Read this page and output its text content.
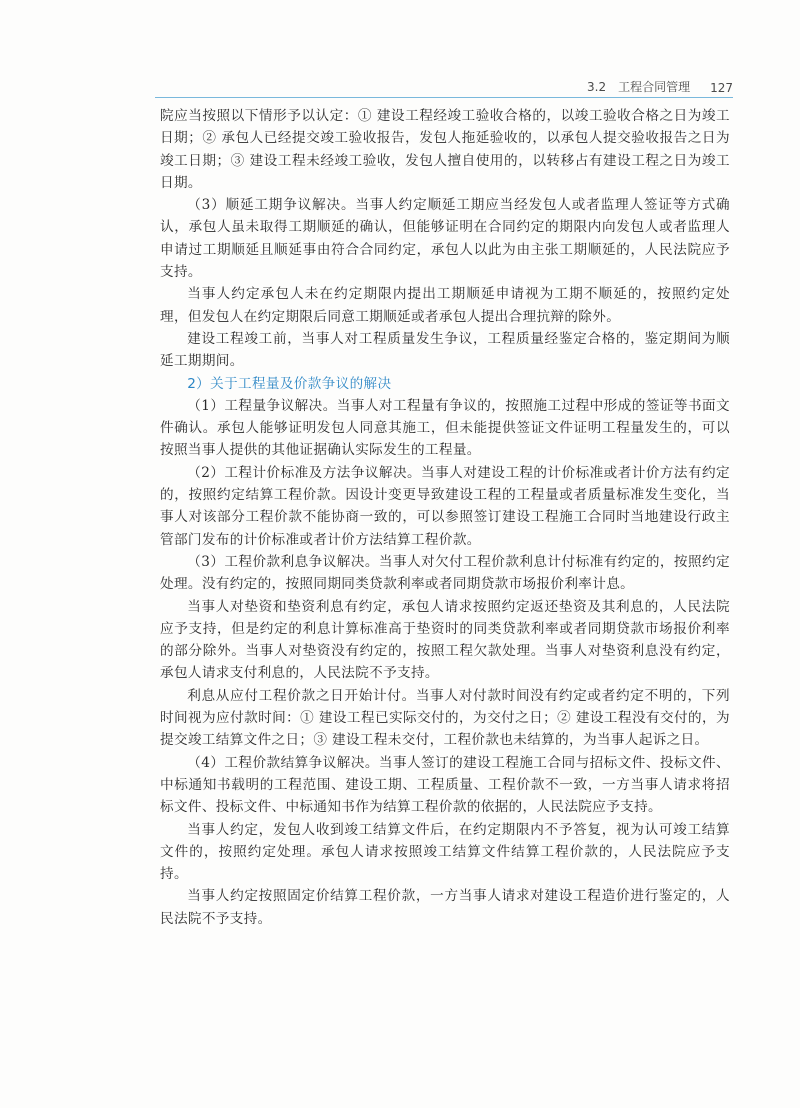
3.2　工程合同管理 127

院应当按照以下情形予以认定：① 建设工程经竣工验收合格的，以竣工验收合格之日为竣工日期；② 承包人已经提交竣工验收报告，发包人拖延验收的，以承包人提交验收报告之日为竣工日期；③ 建设工程未经竣工验收，发包人擅自使用的，以转移占有建设工程之日为竣工日期。

（3）顺延工期争议解决。当事人约定顺延工期应当经发包人或者监理人签证等方式确认，承包人虽未取得工期顺延的确认，但能够证明在合同约定的期限内向发包人或者监理人申请过工期顺延且顺延事由符合合同约定，承包人以此为由主张工期顺延的，人民法院应予支持。

当事人约定承包人未在约定期限内提出工期顺延申请视为工期不顺延的，按照约定处理，但发包人在约定期限后同意工期顺延或者承包人提出合理抗辩的除外。

建设工程竣工前，当事人对工程质量发生争议，工程质量经鉴定合格的，鉴定期间为顺延工期期间。

2）关于工程量及价款争议的解决

（1）工程量争议解决。当事人对工程量有争议的，按照施工过程中形成的签证等书面文件确认。承包人能够证明发包人同意其施工，但未能提供签证文件证明工程量发生的，可以按照当事人提供的其他证据确认实际发生的工程量。

（2）工程计价标准及方法争议解决。当事人对建设工程的计价标准或者计价方法有约定的，按照约定结算工程价款。因设计变更导致建设工程的工程量或者质量标准发生变化，当事人对该部分工程价款不能协商一致的，可以参照签订建设工程施工合同时当地建设行政主管部门发布的计价标准或者计价方法结算工程价款。

（3）工程价款利息争议解决。当事人对欠付工程价款利息计付标准有约定的，按照约定处理。没有约定的，按照同期同类贷款利率或者同期贷款市场报价利率计息。

当事人对垫资和垫资利息有约定，承包人请求按照约定返还垫资及其利息的，人民法院应予支持，但是约定的利息计算标准高于垫资时的同类贷款利率或者同期贷款市场报价利率的部分除外。当事人对垫资没有约定的，按照工程欠款处理。当事人对垫资利息没有约定，承包人请求支付利息的，人民法院不予支持。

利息从应付工程价款之日开始计付。当事人对付款时间没有约定或者约定不明的，下列时间视为应付款时间：① 建设工程已实际交付的，为交付之日；② 建设工程没有交付的，为提交竣工结算文件之日；③ 建设工程未交付，工程价款也未结算的，为当事人起诉之日。

（4）工程价款结算争议解决。当事人签订的建设工程施工合同与招标文件、投标文件、中标通知书载明的工程范围、建设工期、工程质量、工程价款不一致，一方当事人请求将招标文件、投标文件、中标通知书作为结算工程价款的依据的，人民法院应予支持。

当事人约定，发包人收到竣工结算文件后，在约定期限内不予答复，视为认可竣工结算文件的，按照约定处理。承包人请求按照竣工结算文件结算工程价款的，人民法院应予支持。

当事人约定按照固定价结算工程价款，一方当事人请求对建设工程造价进行鉴定的，人民法院不予支持。
